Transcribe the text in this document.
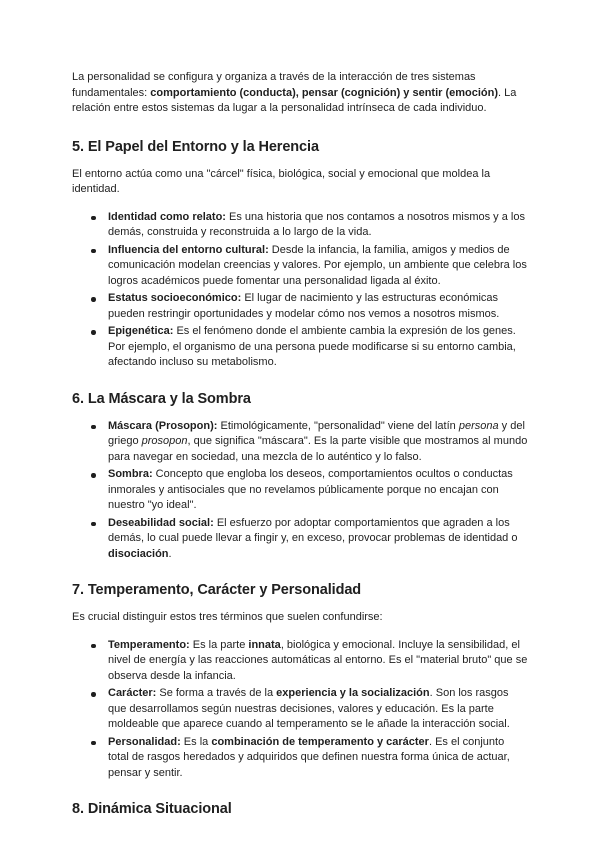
La personalidad se configura y organiza a través de la interacción de tres sistemas fundamentales: comportamiento (conducta), pensar (cognición) y sentir (emoción). La relación entre estos sistemas da lugar a la personalidad intrínseca de cada individuo.

5. El Papel del Entorno y la Herencia

El entorno actúa como una "cárcel" física, biológica, social y emocional que moldea la identidad.

Identidad como relato: Es una historia que nos contamos a nosotros mismos y a los demás, construida y reconstruida a lo largo de la vida.
Influencia del entorno cultural: Desde la infancia, la familia, amigos y medios de comunicación modelan creencias y valores. Por ejemplo, un ambiente que celebra los logros académicos puede fomentar una personalidad ligada al éxito.
Estatus socioeconómico: El lugar de nacimiento y las estructuras económicas pueden restringir oportunidades y modelar cómo nos vemos a nosotros mismos.
Epigenética: Es el fenómeno donde el ambiente cambia la expresión de los genes. Por ejemplo, el organismo de una persona puede modificarse si su entorno cambia, afectando incluso su metabolismo.
6. La Máscara y la Sombra
Máscara (Prosopon): Etimológicamente, "personalidad" viene del latín persona y del griego prosopon, que significa "máscara". Es la parte visible que mostramos al mundo para navegar en sociedad, una mezcla de lo auténtico y lo falso.
Sombra: Concepto que engloba los deseos, comportamientos ocultos o conductas inmorales y antisociales que no revelamos públicamente porque no encajan con nuestro "yo ideal".
Deseabilidad social: El esfuerzo por adoptar comportamientos que agraden a los demás, lo cual puede llevar a fingir y, en exceso, provocar problemas de identidad o disociación.
7. Temperamento, Carácter y Personalidad

Es crucial distinguir estos tres términos que suelen confundirse:

Temperamento: Es la parte innata, biológica y emocional. Incluye la sensibilidad, el nivel de energía y las reacciones automáticas al entorno. Es el "material bruto" que se observa desde la infancia.
Carácter: Se forma a través de la experiencia y la socialización. Son los rasgos que desarrollamos según nuestras decisiones, valores y educación. Es la parte moldeable que aparece cuando al temperamento se le añade la interacción social.
Personalidad: Es la combinación de temperamento y carácter. Es el conjunto total de rasgos heredados y adquiridos que definen nuestra forma única de actuar, pensar y sentir.
8. Dinámica Situacional
